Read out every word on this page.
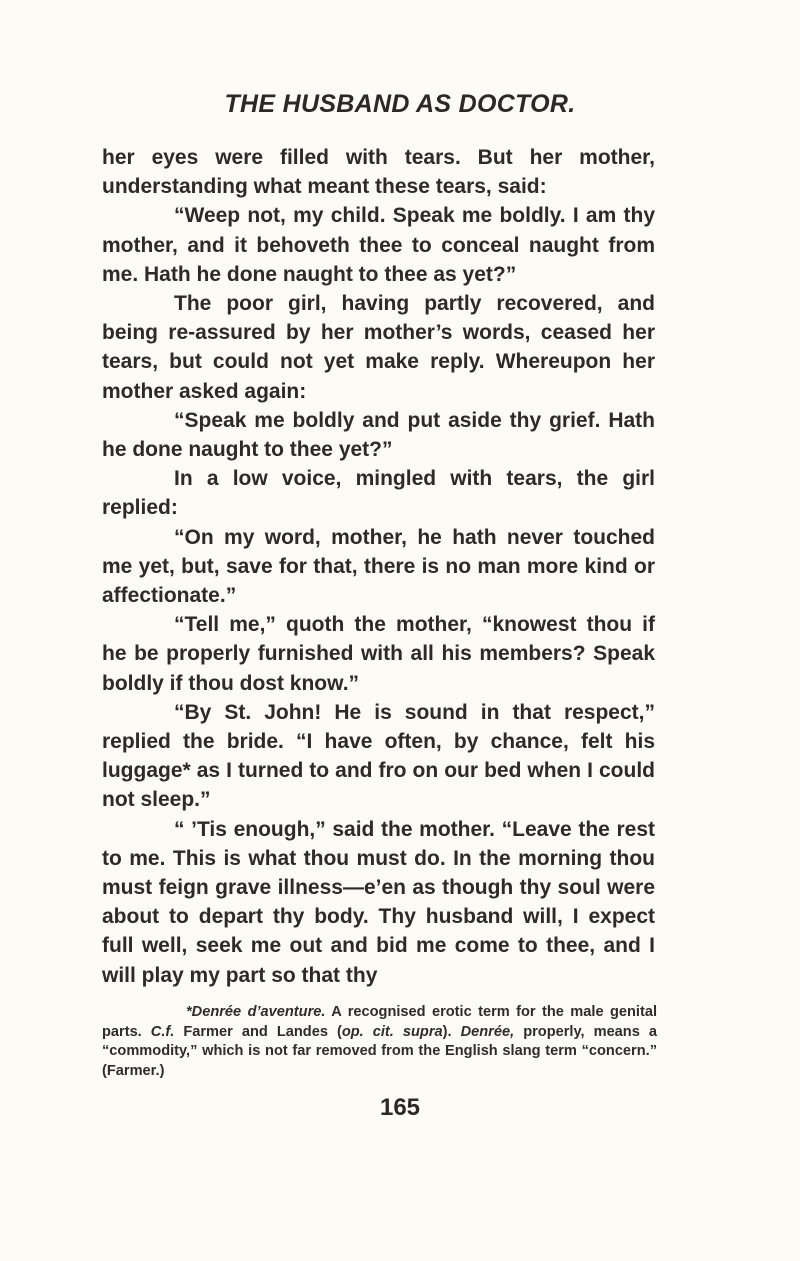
THE HUSBAND AS DOCTOR.

her eyes were filled with tears. But her mother, understanding what meant these tears, said:

“Weep not, my child. Speak me boldly. I am thy mother, and it behoveth thee to conceal naught from me. Hath he done naught to thee as yet?”

The poor girl, having partly recovered, and being re-assured by her mother’s words, ceased her tears, but could not yet make reply. Whereupon her mother asked again:

“Speak me boldly and put aside thy grief. Hath he done naught to thee yet?”

In a low voice, mingled with tears, the girl replied:

“On my word, mother, he hath never touched me yet, but, save for that, there is no man more kind or affectionate.”

“Tell me,” quoth the mother, “knowest thou if he be properly furnished with all his members? Speak boldly if thou dost know.”

“By St. John! He is sound in that respect,” replied the bride. “I have often, by chance, felt his luggage* as I turned to and fro on our bed when I could not sleep.”

“ ’Tis enough,” said the mother. “Leave the rest to me. This is what thou must do. In the morning thou must feign grave illness—e’en as though thy soul were about to depart thy body. Thy husband will, I expect full well, seek me out and bid me come to thee, and I will play my part so that thy

*Denrée d’aventure. A recognised erotic term for the male genital parts. C.f. Farmer and Landes (op. cit. supra). Denrée, properly, means a “commodity,” which is not far removed from the English slang term “concern.” (Farmer.)

165
